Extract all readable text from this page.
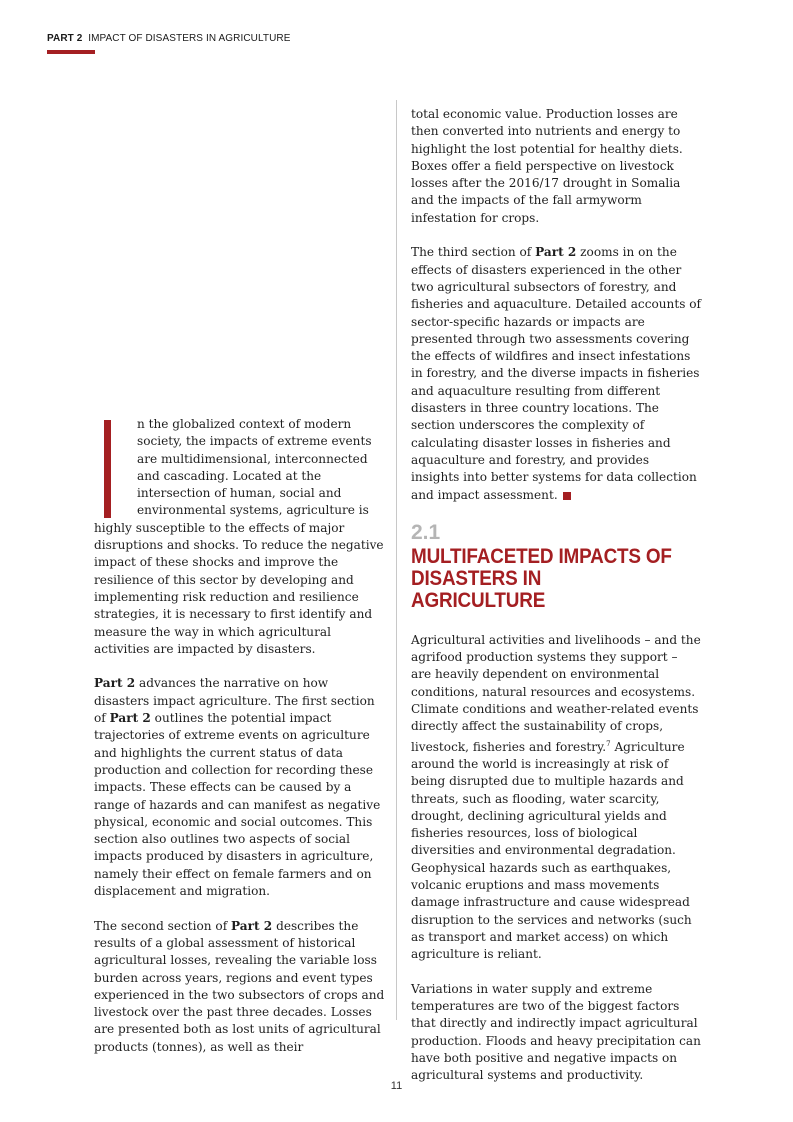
PART 2 IMPACT OF DISASTERS IN AGRICULTURE

n the globalized context of modern society, the impacts of extreme events are multidimensional, interconnected and cascading. Located at the intersection of human, social and environmental systems, agriculture is highly susceptible to the effects of major disruptions and shocks. To reduce the negative impact of these shocks and improve the resilience of this sector by developing and implementing risk reduction and resilience strategies, it is necessary to first identify and measure the way in which agricultural activities are impacted by disasters.

Part 2 advances the narrative on how disasters impact agriculture. The first section of Part 2 outlines the potential impact trajectories of extreme events on agriculture and highlights the current status of data production and collection for recording these impacts. These effects can be caused by a range of hazards and can manifest as negative physical, economic and social outcomes. This section also outlines two aspects of social impacts produced by disasters in agriculture, namely their effect on female farmers and on displacement and migration.

The second section of Part 2 describes the results of a global assessment of historical agricultural losses, revealing the variable loss burden across years, regions and event types experienced in the two subsectors of crops and livestock over the past three decades. Losses are presented both as lost units of agricultural products (tonnes), as well as their

total economic value. Production losses are then converted into nutrients and energy to highlight the lost potential for healthy diets. Boxes offer a field perspective on livestock losses after the 2016/17 drought in Somalia and the impacts of the fall armyworm infestation for crops.

The third section of Part 2 zooms in on the effects of disasters experienced in the other two agricultural subsectors of forestry, and fisheries and aquaculture. Detailed accounts of sector-specific hazards or impacts are presented through two assessments covering the effects of wildfires and insect infestations in forestry, and the diverse impacts in fisheries and aquaculture resulting from different disasters in three country locations. The section underscores the complexity of calculating disaster losses in fisheries and aquaculture and forestry, and provides insights into better systems for data collection and impact assessment.

2.1
MULTIFACETED IMPACTS OF DISASTERS IN AGRICULTURE

Agricultural activities and livelihoods – and the agrifood production systems they support – are heavily dependent on environmental conditions, natural resources and ecosystems. Climate conditions and weather-related events directly affect the sustainability of crops, livestock, fisheries and forestry.$^7$ Agriculture around the world is increasingly at risk of being disrupted due to multiple hazards and threats, such as flooding, water scarcity, drought, declining agricultural yields and fisheries resources, loss of biological diversities and environmental degradation. Geophysical hazards such as earthquakes, volcanic eruptions and mass movements damage infrastructure and cause widespread disruption to the services and networks (such as transport and market access) on which agriculture is reliant.

Variations in water supply and extreme temperatures are two of the biggest factors that directly and indirectly impact agricultural production. Floods and heavy precipitation can have both positive and negative impacts on agricultural systems and productivity.

11
